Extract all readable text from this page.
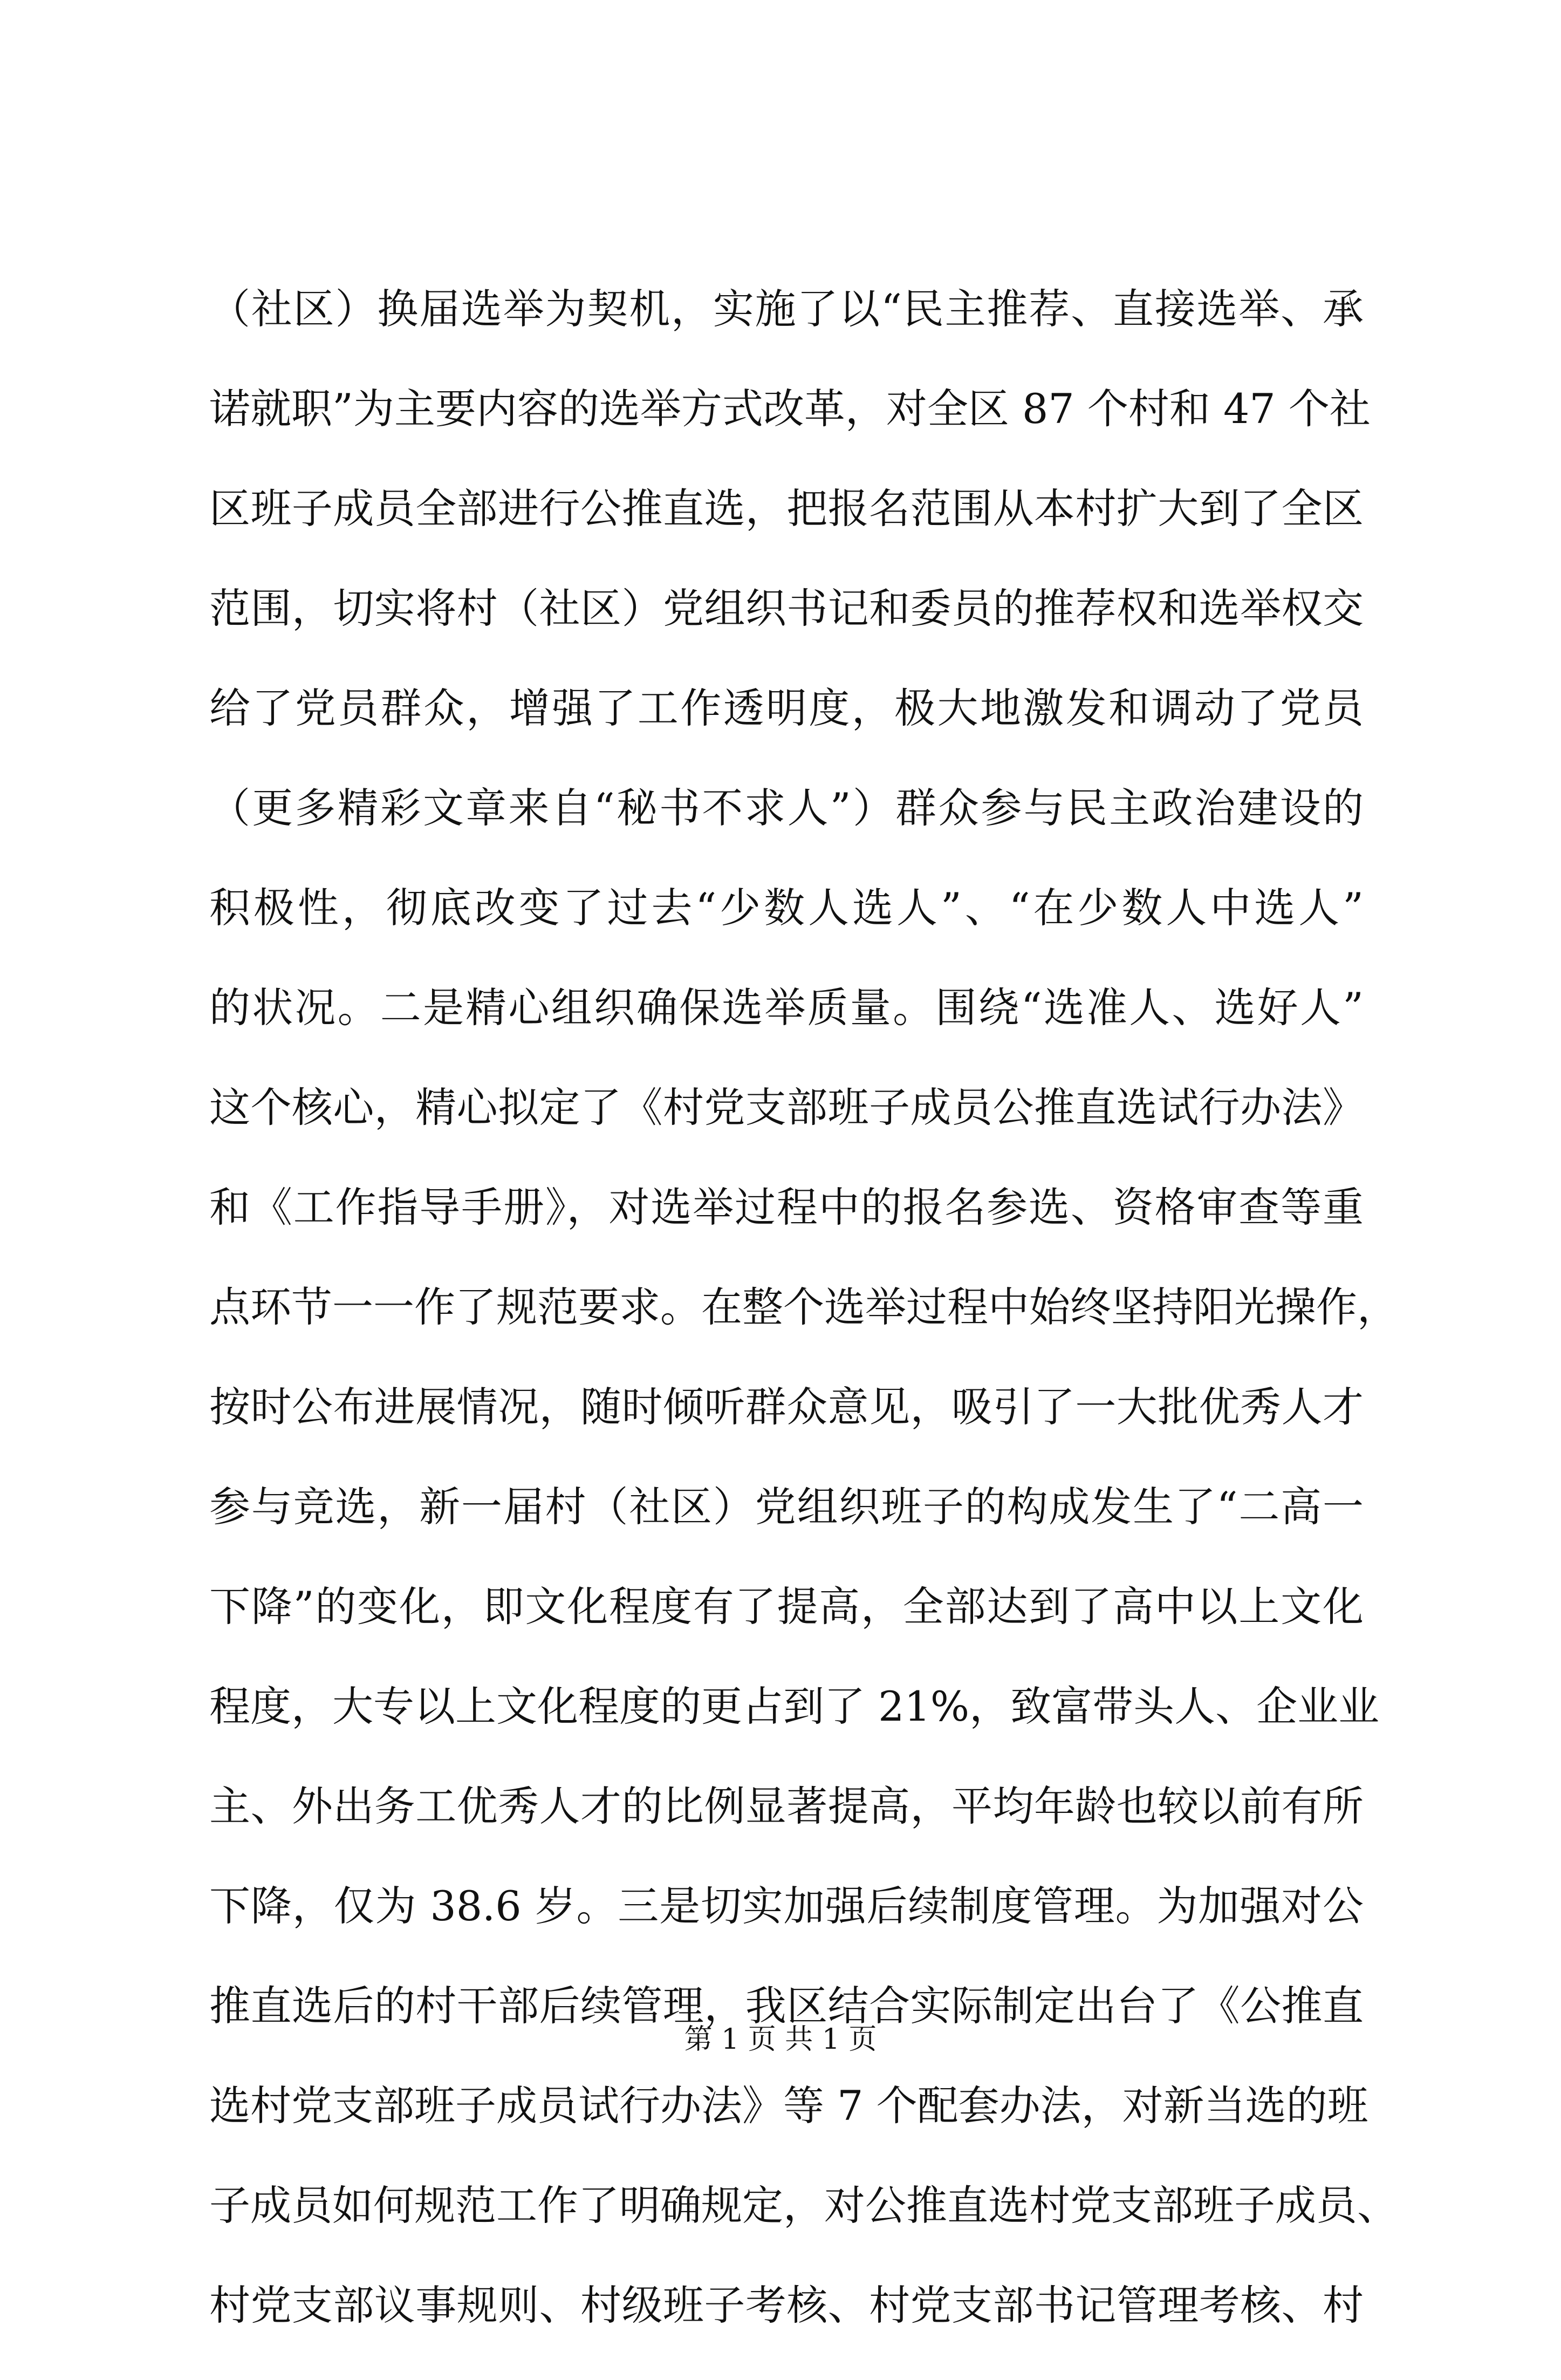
（社区）换届选举为契机，实施了以“民主推荐、直接选举、承
诺就职”为主要内容的选举方式改革，对全区 87 个村和 47 个社
区班子成员全部进行公推直选，把报名范围从本村扩大到了全区
范围，切实将村（社区）党组织书记和委员的推荐权和选举权交
给了党员群众，增强了工作透明度，极大地激发和调动了党员
（更多精彩文章来自“秘书不求人”）群众参与民主政治建设的
积极性，彻底改变了过去“少数人选人”、“在少数人中选人”
的状况。二是精心组织确保选举质量。围绕“选准人、选好人”
这个核心，精心拟定了《村党支部班子成员公推直选试行办法》
和《工作指导手册》，对选举过程中的报名参选、资格审查等重
点环节一一作了规范要求。在整个选举过程中始终坚持阳光操作，
按时公布进展情况，随时倾听群众意见，吸引了一大批优秀人才
参与竞选，新一届村（社区）党组织班子的构成发生了“二高一
下降”的变化，即文化程度有了提高，全部达到了高中以上文化
程度，大专以上文化程度的更占到了 21%，致富带头人、企业业
主、外出务工优秀人才的比例显著提高，平均年龄也较以前有所
下降，仅为 38.6 岁。三是切实加强后续制度管理。为加强对公
推直选后的村干部后续管理，我区结合实际制定出台了《公推直
选村党支部班子成员试行办法》等 7 个配套办法，对新当选的班
子成员如何规范工作了明确规定，对公推直选村党支部班子成员、
村党支部议事规则、村级班子考核、村党支部书记管理考核、村
第 1 页 共 1 页
